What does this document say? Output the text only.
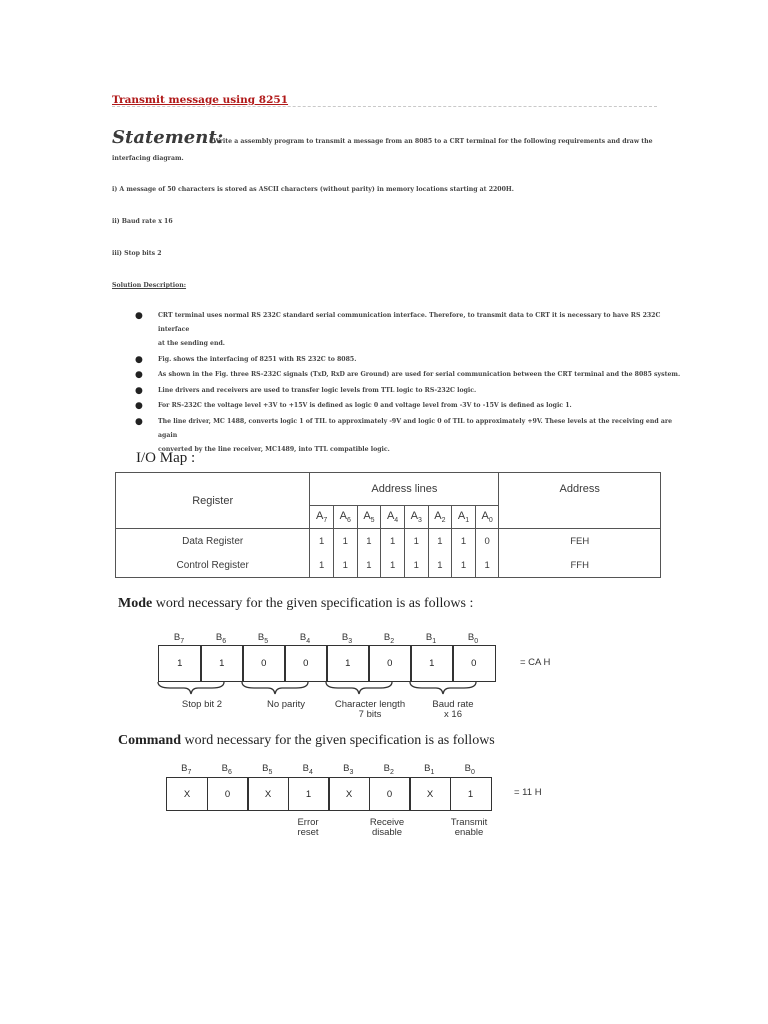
Transmit message using 8251
Statement:
Write a assembly program to transmit a message from an 8085 to a CRT terminal for the following requirements and draw the
interfacing diagram.
i) A message of 50 characters is stored as ASCII characters (without parity) in memory locations starting at 2200H.
ii) Baud rate x 16
iii) Stop bits 2
Solution Description:
● CRT terminal uses normal RS 232C standard serial communication interface. Therefore, to transmit data to CRT it is necessary to have RS 232C interface
at the sending end.
● Fig. shows the interfacing of 8251 with RS 232C to 8085.
● As shown in the Fig. three RS-232C signals (TxD, RxD are Ground) are used for serial communication between the CRT terminal and the 8085 system.
● Line drivers and receivers are used to transfer logic levels from TTL logic to RS-232C logic.
● For RS-232C the voltage level +3V to +15V is defined as logic 0 and voltage level from -3V to -15V is defined as logic 1.
● The line driver, MC 1488, converts logic 1 of TIL to approximately -9V and logic 0 of TIL to approximately +9V. These levels at the receiving end are again
converted by the line receiver, MC1489, into TTL compatible logic.
I/O Map :
Register	Address lines								Address
	$A_7$	$A_6$	$A_5$	$A_4$	$A_3$	$A_2$	$A_1$	$A_0$
Data Register	1	1	1	1	1	1	1	0	FEH
Control Register	1	1	1	1	1	1	1	1	FFH
Mode word necessary for the given specification is as follows :
$B_7$	$B_6$	$B_5$	$B_4$	$B_3$	$B_2$	$B_1$	$B_0$
1	1	0	0	1	0	1	0	= CA H
Stop bit 2	No parity	Character length
7 bits
Baud rate
x 16
Command word necessary for the given specification is as follows
$B_7$	$B_6$	$B_5$	$B_4$	$B_3$	$B_2$	$B_1$	$B_0$
X	0	X	1	X	0	X	1	= 11 H
Error
reset
Receive
disable
Transmit
enable
